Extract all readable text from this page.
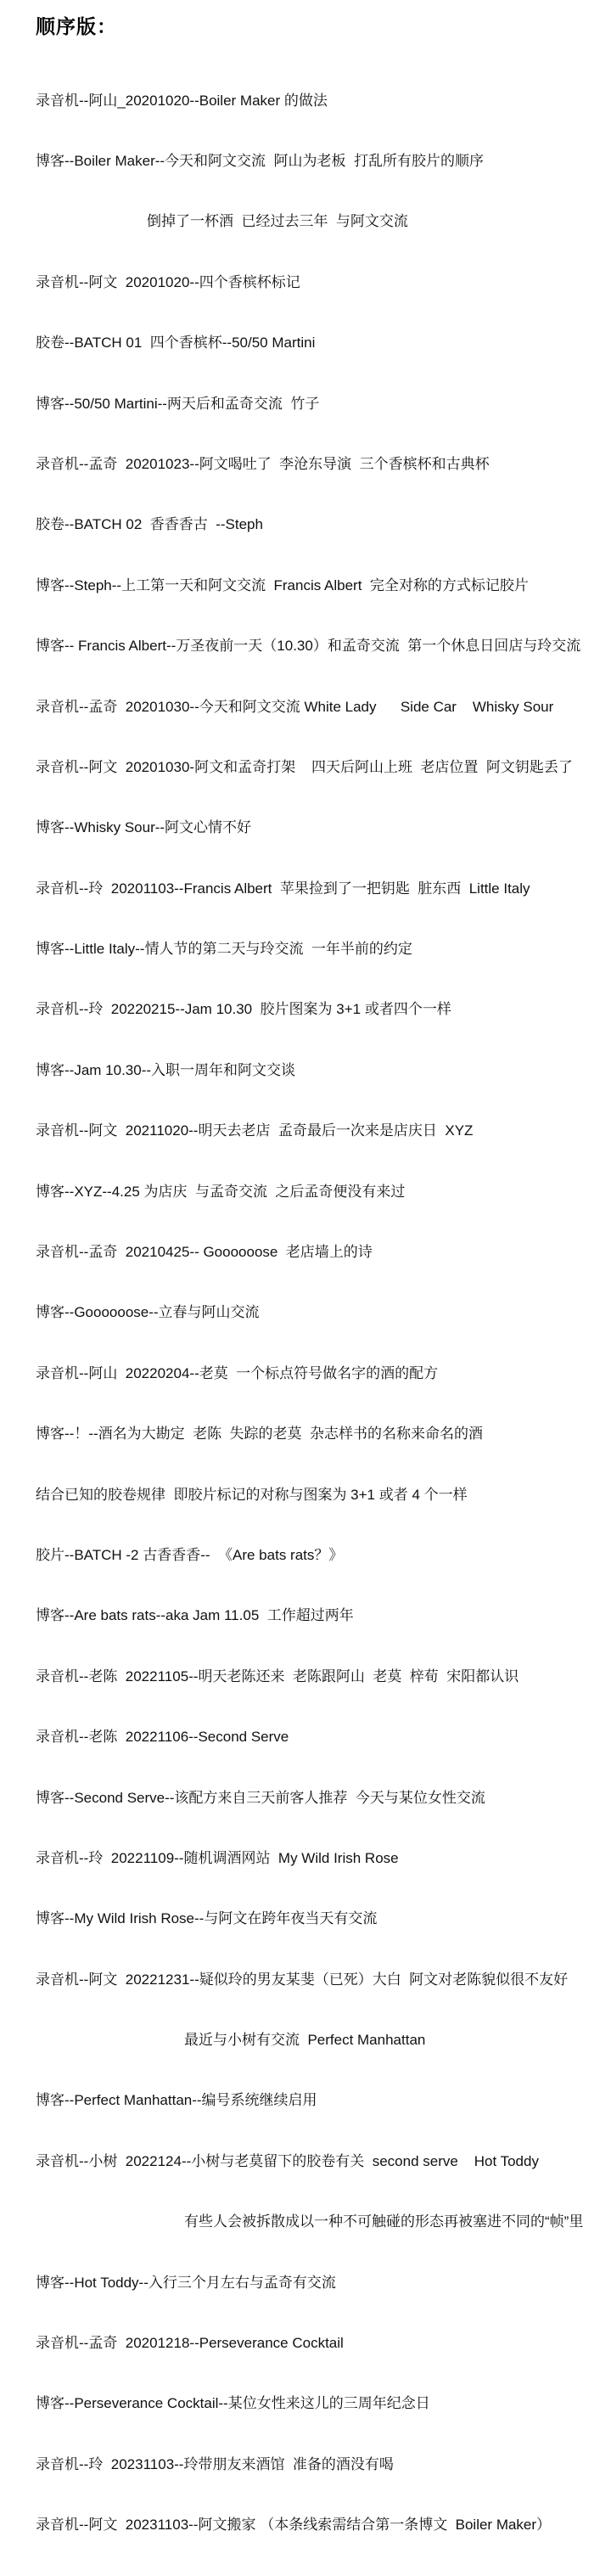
顺序版：

录音机--阿山_20201020--Boiler Maker 的做法

博客--Boiler Maker--今天和阿文交流  阿山为老板  打乱所有胶片的顺序

倒掉了一杯酒  已经过去三年  与阿文交流

录音机--阿文  20201020--四个香槟杯标记

胶卷--BATCH 01  四个香槟杯--50/50 Martini

博客--50/50 Martini--两天后和孟奇交流  竹子

录音机--孟奇  20201023--阿文喝吐了  李沧东导演  三个香槟杯和古典杯

胶卷--BATCH 02  香香香古  --Steph

博客--Steph--上工第一天和阿文交流  Francis Albert  完全对称的方式标记胶片

博客-- Francis Albert--万圣夜前一天（10.30）和孟奇交流  第一个休息日回店与玲交流

录音机--孟奇  20201030--今天和阿文交流 White Lady      Side Car    Whisky Sour

录音机--阿文  20201030-阿文和孟奇打架    四天后阿山上班  老店位置  阿文钥匙丢了

博客--Whisky Sour--阿文心情不好

录音机--玲  20201103--Francis Albert  苹果捡到了一把钥匙  脏东西  Little Italy

博客--Little Italy--情人节的第二天与玲交流  一年半前的约定

录音机--玲  20220215--Jam 10.30  胶片图案为 3+1 或者四个一样

博客--Jam 10.30--入职一周年和阿文交谈

录音机--阿文  20211020--明天去老店  孟奇最后一次来是店庆日  XYZ

博客--XYZ--4.25 为店庆  与孟奇交流  之后孟奇便没有来过

录音机--孟奇  20210425-- Goooooose  老店墙上的诗

博客--Goooooose--立春与阿山交流

录音机--阿山  20220204--老莫  一个标点符号做名字的酒的配方

博客--！--酒名为大勘定  老陈  失踪的老莫  杂志样书的名称来命名的酒

结合已知的胶卷规律  即胶片标记的对称与图案为 3+1 或者 4 个一样

胶片--BATCH -2 古香香香--  《Are bats rats？》

博客--Are bats rats--aka Jam 11.05  工作超过两年

录音机--老陈  20221105--明天老陈还来  老陈跟阿山  老莫  梓荀  宋阳都认识

录音机--老陈  20221106--Second Serve

博客--Second Serve--该配方来自三天前客人推荐  今天与某位女性交流

录音机--玲  20221109--随机调酒网站  My Wild Irish Rose

博客--My Wild Irish Rose--与阿文在跨年夜当天有交流

录音机--阿文  20221231--疑似玲的男友某斐（已死）大白  阿文对老陈貌似很不友好

最近与小树有交流  Perfect Manhattan

博客--Perfect Manhattan--编号系统继续启用

录音机--小树  2022124--小树与老莫留下的胶卷有关  second serve    Hot Toddy

有些人会被拆散成以一种不可触碰的形态再被塞进不同的“帧”里

博客--Hot Toddy--入行三个月左右与孟奇有交流

录音机--孟奇  20201218--Perseverance Cocktail

博客--Perseverance Cocktail--某位女性来这儿的三周年纪念日

录音机--玲  20231103--玲带朋友来酒馆  准备的酒没有喝

录音机--阿文  20231103--阿文搬家 （本条线索需结合第一条博文  Boiler Maker）
